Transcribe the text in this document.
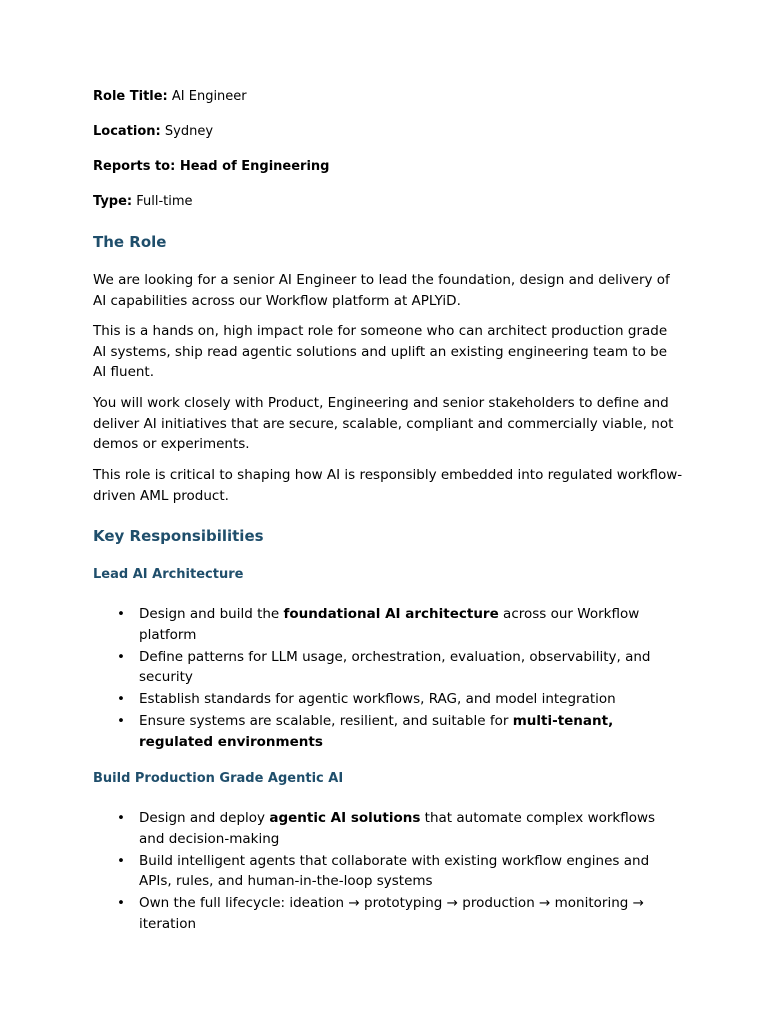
Role Title: AI Engineer

Location: Sydney

Reports to: Head of Engineering

Type: Full-time

The Role

We are looking for a senior AI Engineer to lead the foundation, design and delivery of AI capabilities across our Workflow platform at APLYiD.

This is a hands on, high impact role for someone who can architect production grade AI systems, ship read agentic solutions and uplift an existing engineering team to be AI fluent.

You will work closely with Product, Engineering and senior stakeholders to define and deliver AI initiatives that are secure, scalable, compliant and commercially viable, not demos or experiments.

This role is critical to shaping how AI is responsibly embedded into regulated workflow-driven AML product.

Key Responsibilities
Lead AI Architecture
• Design and build the foundational AI architecture across our Workflow platform
• Define patterns for LLM usage, orchestration, evaluation, observability, and security
• Establish standards for agentic workflows, RAG, and model integration
• Ensure systems are scalable, resilient, and suitable for multi-tenant, regulated environments
Build Production Grade Agentic AI
• Design and deploy agentic AI solutions that automate complex workflows and decision-making
• Build intelligent agents that collaborate with existing workflow engines and APIs, rules, and human-in-the-loop systems
• Own the full lifecycle: ideation → prototyping → production → monitoring → iteration
